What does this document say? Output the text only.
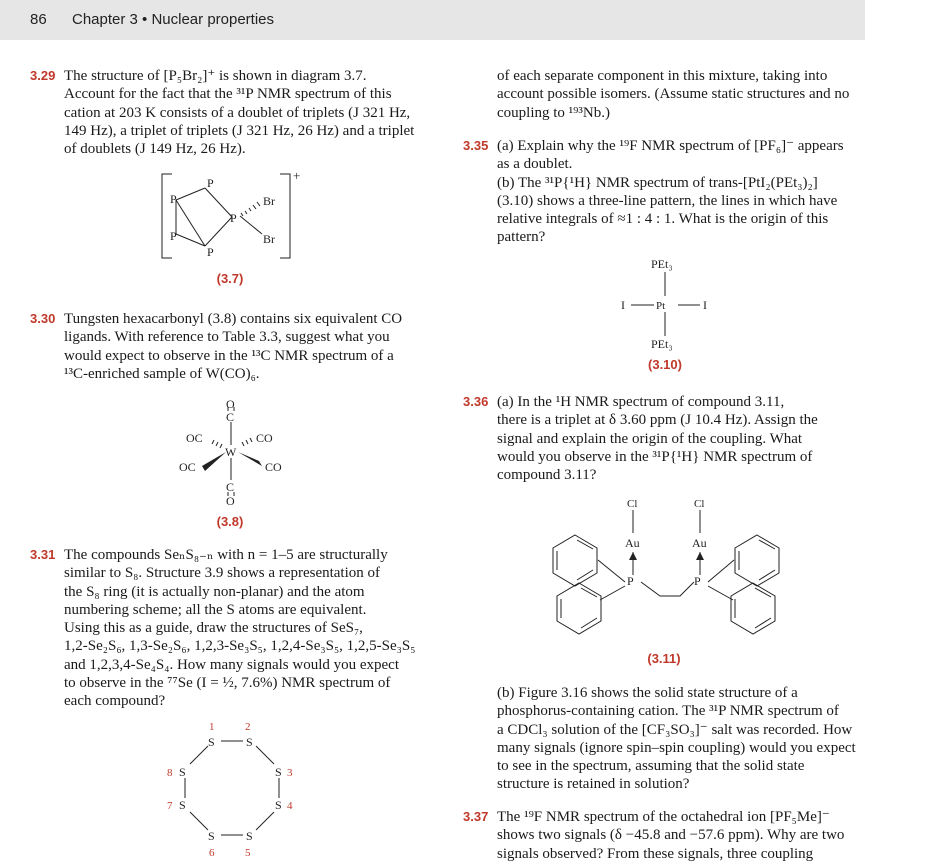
86 Chapter 3 • Nuclear properties
3.29 The structure of [P₅Br₂]⁺ is shown in diagram 3.7.

Account for the fact that the ³¹P NMR spectrum of this

cation at 203 K consists of a doublet of triplets (J 321 Hz,

149 Hz), a triplet of triplets (J 321 Hz, 26 Hz) and a triplet

of doublets (J 149 Hz, 26 Hz).

(3.7)
3.30 Tungsten hexacarbonyl (3.8) contains six equivalent CO

ligands. With reference to Table 3.3, suggest what you

would expect to observe in the ¹³C NMR spectrum of a

¹³C-enriched sample of W(CO)₆.

(3.8)
3.31 The compounds SeₙS₈₋ₙ with n = 1–5 are structurally

similar to S₈. Structure 3.9 shows a representation of

the S₈ ring (it is actually non-planar) and the atom

numbering scheme; all the S atoms are equivalent.

Using this as a guide, draw the structures of SeS₇,

1,2-Se₂S₆, 1,3-Se₂S₆, 1,2,3-Se₃S₅, 1,2,4-Se₃S₅, 1,2,5-Se₃S₅

and 1,2,3,4-Se₄S₄. How many signals would you expect

to observe in the ⁷⁷Se (I = ½, 7.6%) NMR spectrum of

each compound?

P
P
P
P
P
Br
Br
+
O
C
OC	CO
W
OC	CO
C
O
S	S
S
S
S
S
S
S
1	2
3
4
5
6
7
8

of each separate component in this mixture, taking into

account possible isomers. (Assume static structures and no

coupling to ¹⁹³Nb.)

3.35 (a) Explain why the ¹⁹F NMR spectrum of [PF₆]⁻ appears

as a doublet.

(b) The ³¹P{¹H} NMR spectrum of trans-[PtI₂(PEt₃)₂]

(3.10) shows a three-line pattern, the lines in which have

relative integrals of ≈1 : 4 : 1. What is the origin of this

pattern?

PEt₃
I	Pt	I
PEt₃
(3.10)
3.36 (a) In the ¹H NMR spectrum of compound 3.11,

there is a triplet at δ 3.60 ppm (J 10.4 Hz). Assign the

signal and explain the origin of the coupling. What

would you observe in the ³¹P{¹H} NMR spectrum of

compound 3.11?

Cl	Cl
Au	Au
P	P
(3.11)

(b) Figure 3.16 shows the solid state structure of a

phosphorus-containing cation. The ³¹P NMR spectrum of

a CDCl₃ solution of the [CF₃SO₃]⁻ salt was recorded. How

many signals (ignore spin–spin coupling) would you expect

to see in the spectrum, assuming that the solid state

structure is retained in solution?

3.37 The ¹⁹F NMR spectrum of the octahedral ion [PF₅Me]⁻

shows two signals (δ −45.8 and −57.6 ppm). Why are two

signals observed? From these signals, three coupling
